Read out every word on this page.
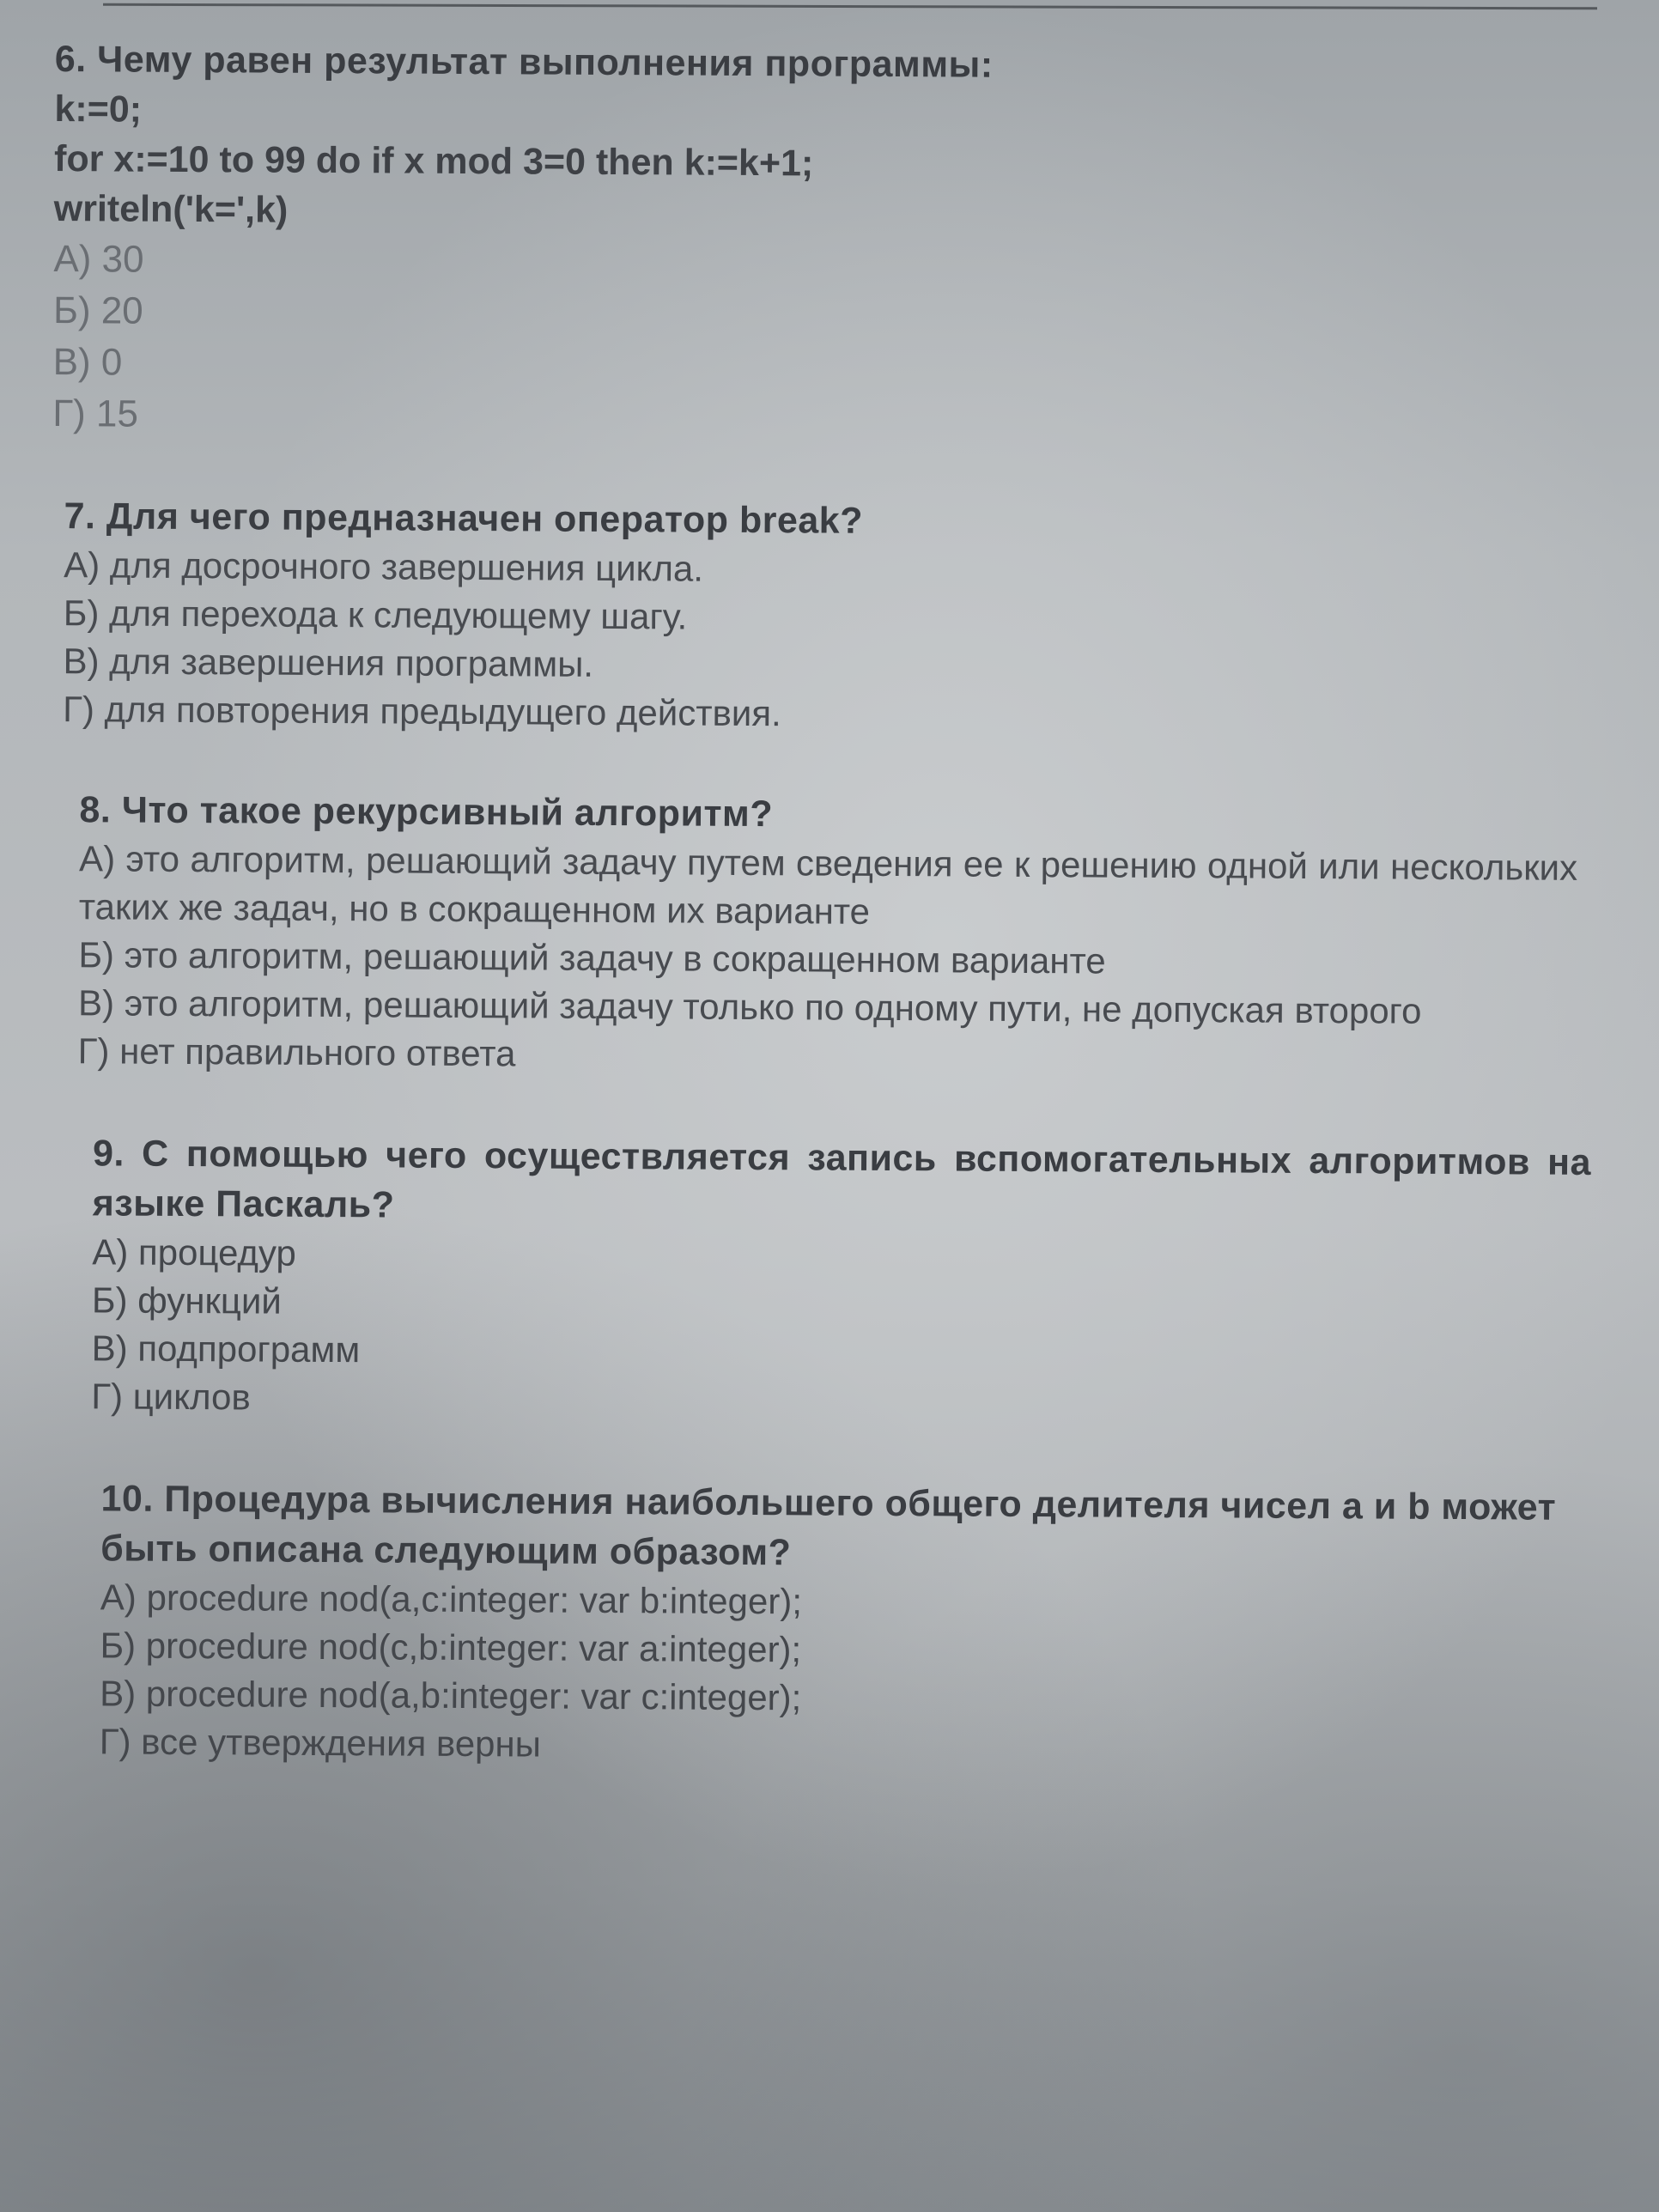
6. Чему равен результат выполнения программы:
k:=0;
for x:=10 to 99 do if x mod 3=0 then k:=k+1;
writeln('k=',k)
А) 30
Б) 20
В) 0
Г) 15
7. Для чего предназначен оператор break?
А) для досрочного завершения цикла.
Б) для перехода к следующему шагу.
В) для завершения программы.
Г) для повторения предыдущего действия.
8. Что такое рекурсивный алгоритм?
А) это алгоритм, решающий задачу путем сведения ее к решению одной или нескольких таких же задач, но в сокращенном их варианте
Б) это алгоритм, решающий задачу в сокращенном варианте
В) это алгоритм, решающий задачу только по одному пути, не допуская второго
Г) нет правильного ответа
9. С помощью чего осуществляется запись вспомогательных алгоритмов на языке Паскаль?
А) процедур
Б) функций
В) подпрограмм
Г) циклов
10. Процедура вычисления наибольшего общего делителя чисел a и b может быть описана следующим образом?
А) procedure nod(a,c:integer: var b:integer);
Б) procedure nod(c,b:integer: var a:integer);
В) procedure nod(a,b:integer: var c:integer);
Г) все утверждения верны
